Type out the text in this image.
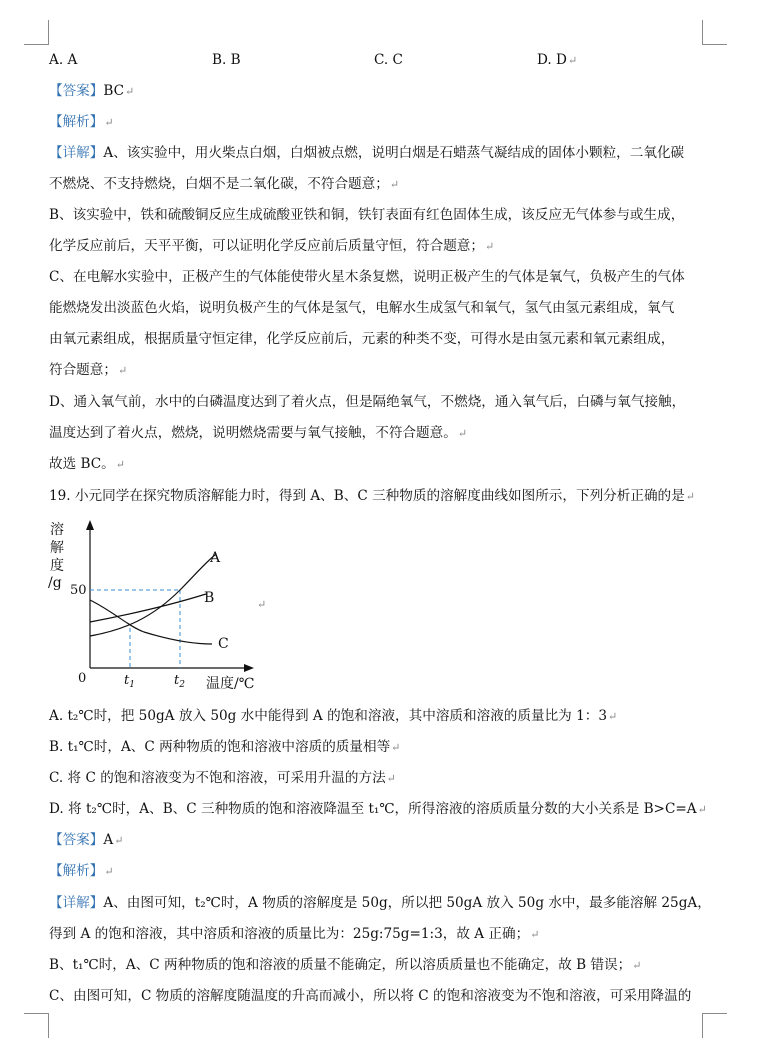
A. A	B. B	C. C	D. D↵
【答案】BC↵
【解析】↵
【详解】A、该实验中，用火柴点白烟，白烟被点燃，说明白烟是石蜡蒸气凝结成的固体小颗粒，二氧化碳
不燃烧、不支持燃烧，白烟不是二氧化碳，不符合题意；↵
B、该实验中，铁和硫酸铜反应生成硫酸亚铁和铜，铁钉表面有红色固体生成，该反应无气体参与或生成，
化学反应前后，天平平衡，可以证明化学反应前后质量守恒，符合题意；↵
C、在电解水实验中，正极产生的气体能使带火星木条复燃，说明正极产生的气体是氧气，负极产生的气体
能燃烧发出淡蓝色火焰，说明负极产生的气体是氢气，电解水生成氢气和氧气，氢气由氢元素组成，氧气
由氧元素组成，根据质量守恒定律，化学反应前后，元素的种类不变，可得水是由氢元素和氧元素组成，
符合题意；↵
D、通入氧气前，水中的白磷温度达到了着火点，但是隔绝氧气，不燃烧，通入氧气后，白磷与氧气接触，
温度达到了着火点，燃烧，说明燃烧需要与氧气接触，不符合题意。↵
故选 BC。↵
19. 小元同学在探究物质溶解能力时，得到 A、B、C 三种物质的溶解度曲线如图所示，下列分析正确的是↵
溶
解
度
/g
A
B
C
50
0	$t_1$	$t_2$ 温度/℃
↵
A. t₂℃时，把 50gA 放入 50g 水中能得到 A 的饱和溶液，其中溶质和溶液的质量比为 1：3↵
B. t₁℃时，A、C 两种物质的饱和溶液中溶质的质量相等↵
C. 将 C 的饱和溶液变为不饱和溶液，可采用升温的方法↵
D. 将 t₂℃时，A、B、C 三种物质的饱和溶液降温至 t₁℃，所得溶液的溶质质量分数的大小关系是 B>C=A↵
【答案】A↵
【解析】↵
【详解】A、由图可知，t₂℃时，A 物质的溶解度是 50g，所以把 50gA 放入 50g 水中，最多能溶解 25gA，
得到 A 的饱和溶液，其中溶质和溶液的质量比为：25g:75g=1:3，故 A 正确；↵
B、t₁℃时，A、C 两种物质的饱和溶液的质量不能确定，所以溶质质量也不能确定，故 B 错误；↵
C、由图可知，C 物质的溶解度随温度的升高而减小，所以将 C 的饱和溶液变为不饱和溶液，可采用降温的
